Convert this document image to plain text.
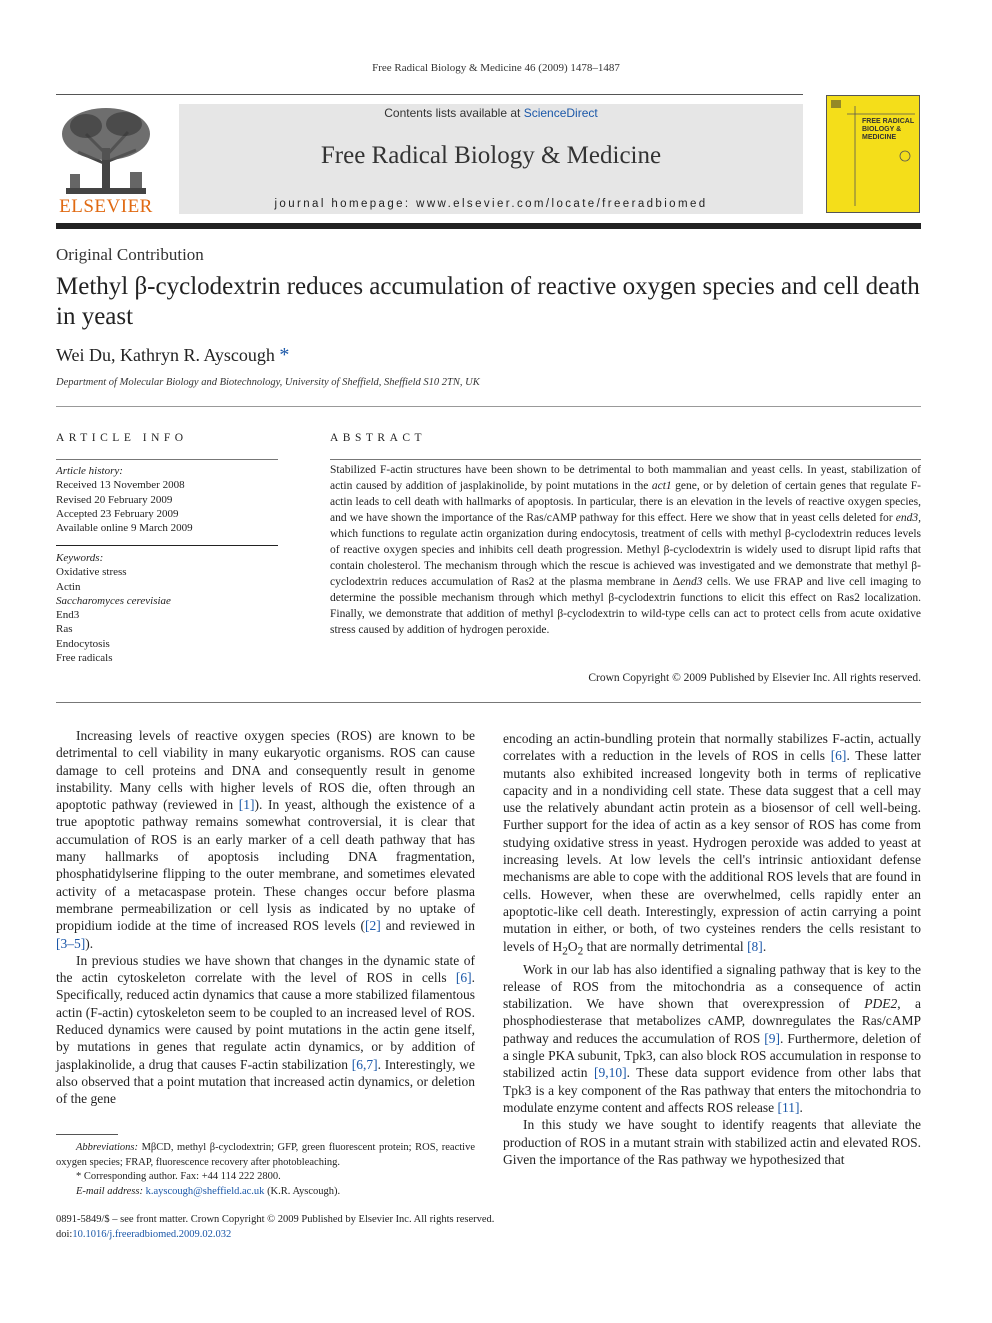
Free Radical Biology & Medicine 46 (2009) 1478–1487
ELSEVIER
Contents lists available at ScienceDirect
Free Radical Biology & Medicine
journal homepage: www.elsevier.com/locate/freeradbiomed
FREE RADICAL BIOLOGY & MEDICINE
Original Contribution
Methyl β-cyclodextrin reduces accumulation of reactive oxygen species and cell death in yeast
Wei Du, Kathryn R. Ayscough *
Department of Molecular Biology and Biotechnology, University of Sheffield, Sheffield S10 2TN, UK
ARTICLE INFO
Article history:
Received 13 November 2008
Revised 20 February 2009
Accepted 23 February 2009
Available online 9 March 2009
Keywords:
Oxidative stress
Actin
Saccharomyces cerevisiae
End3
Ras
Endocytosis
Free radicals
ABSTRACT
Stabilized F-actin structures have been shown to be detrimental to both mammalian and yeast cells. In yeast, stabilization of actin caused by addition of jasplakinolide, by point mutations in the act1 gene, or by deletion of certain genes that regulate F-actin leads to cell death with hallmarks of apoptosis. In particular, there is an elevation in the levels of reactive oxygen species, and we have shown the importance of the Ras/cAMP pathway for this effect. Here we show that in yeast cells deleted for end3, which functions to regulate actin organization during endocytosis, treatment of cells with methyl β-cyclodextrin reduces levels of reactive oxygen species and inhibits cell death progression. Methyl β-cyclodextrin is widely used to disrupt lipid rafts that contain cholesterol. The mechanism through which the rescue is achieved was investigated and we demonstrate that methyl β-cyclodextrin reduces accumulation of Ras2 at the plasma membrane in Δend3 cells. We use FRAP and live cell imaging to determine the possible mechanism through which methyl β-cyclodextrin functions to elicit this effect on Ras2 localization. Finally, we demonstrate that addition of methyl β-cyclodextrin to wild-type cells can act to protect cells from acute oxidative stress caused by addition of hydrogen peroxide.
Crown Copyright © 2009 Published by Elsevier Inc. All rights reserved.

Increasing levels of reactive oxygen species (ROS) are known to be detrimental to cell viability in many eukaryotic organisms. ROS can cause damage to cell proteins and DNA and consequently result in genome instability. Many cells with higher levels of ROS die, often through an apoptotic pathway (reviewed in [1]). In yeast, although the existence of a true apoptotic pathway remains somewhat controversial, it is clear that accumulation of ROS is an early marker of a cell death pathway that has many hallmarks of apoptosis including DNA fragmentation, phosphatidylserine flipping to the outer membrane, and sometimes elevated activity of a metacaspase protein. These changes occur before plasma membrane permeabilization or cell lysis as indicated by no uptake of propidium iodide at the time of increased ROS levels ([2] and reviewed in [3–5]).

In previous studies we have shown that changes in the dynamic state of the actin cytoskeleton correlate with the level of ROS in cells [6]. Specifically, reduced actin dynamics that cause a more stabilized filamentous actin (F-actin) cytoskeleton seem to be coupled to an increased level of ROS. Reduced dynamics were caused by point mutations in the actin gene itself, by mutations in genes that regulate actin dynamics, or by addition of jasplakinolide, a drug that causes F-actin stabilization [6,7]. Interestingly, we also observed that a point mutation that increased actin dynamics, or deletion of the gene

encoding an actin-bundling protein that normally stabilizes F-actin, actually correlates with a reduction in the levels of ROS in cells [6]. These latter mutants also exhibited increased longevity both in terms of replicative capacity and in a nondividing cell state. These data suggest that a cell may use the relatively abundant actin protein as a biosensor of cell well-being. Further support for the idea of actin as a key sensor of ROS has come from studying oxidative stress in yeast. Hydrogen peroxide was added to yeast at increasing levels. At low levels the cell's intrinsic antioxidant defense mechanisms are able to cope with the additional ROS levels that are found in cells. However, when these are overwhelmed, cells rapidly enter an apoptotic-like cell death. Interestingly, expression of actin carrying a point mutation in either, or both, of two cysteines renders the cells resistant to levels of $H_2O_2$ that are normally detrimental [8].

Work in our lab has also identified a signaling pathway that is key to the release of ROS from the mitochondria as a consequence of actin stabilization. We have shown that overexpression of PDE2, a phosphodiesterase that metabolizes cAMP, downregulates the Ras/cAMP pathway and reduces the accumulation of ROS [9]. Furthermore, deletion of a single PKA subunit, Tpk3, can also block ROS accumulation in response to stabilized actin [9,10]. These data support evidence from other labs that Tpk3 is a key component of the Ras pathway that enters the mitochondria to modulate enzyme content and affects ROS release [11].

In this study we have sought to identify reagents that alleviate the production of ROS in a mutant strain with stabilized actin and elevated ROS. Given the importance of the Ras pathway we hypothesized that

Abbreviations: MβCD, methyl β-cyclodextrin; GFP, green fluorescent protein; ROS, reactive oxygen species; FRAP, fluorescence recovery after photobleaching.

* Corresponding author. Fax: +44 114 222 2800.

E-mail address: k.ayscough@sheffield.ac.uk (K.R. Ayscough).

0891-5849/$ – see front matter. Crown Copyright © 2009 Published by Elsevier Inc. All rights reserved.
doi:10.1016/j.freeradbiomed.2009.02.032
